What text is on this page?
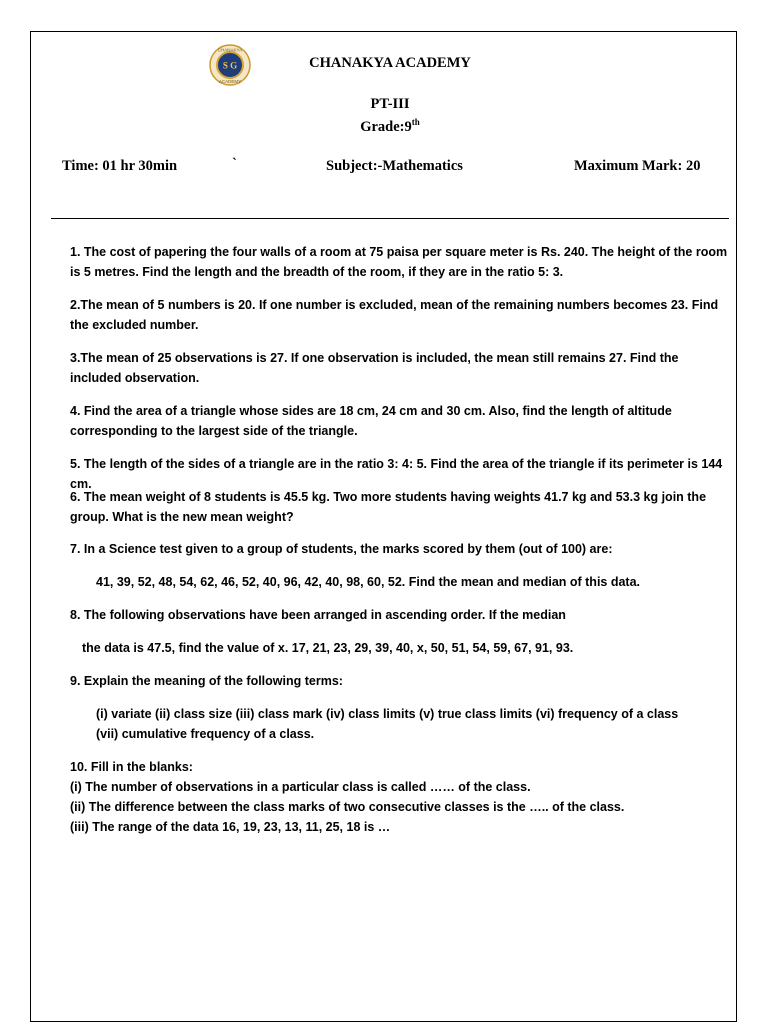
CHANAKYA
S G
ACADEMY
CHANAKYA ACADEMY
PT-III
Grade:9th
Time: 01 hr 30min	`	Subject:-Mathematics	Maximum Mark: 20
1. The cost of papering the four walls of a room at 75 paisa per square meter is Rs. 240. The height of the room is 5 metres. Find the length and the breadth of the room, if they are in the ratio 5: 3.
2.The mean of 5 numbers is 20. If one number is excluded, mean of the remaining numbers becomes 23. Find the excluded number.
3.The mean of 25 observations is 27. If one observation is included, the mean still remains 27. Find the included observation.
4. Find the area of a triangle whose sides are 18 cm, 24 cm and 30 cm. Also, find the length of altitude corresponding to the largest side of the triangle.
5. The length of the sides of a triangle are in the ratio 3: 4: 5. Find the area of the triangle if its perimeter is 144 cm.
6. The mean weight of 8 students is 45.5 kg. Two more students having weights 41.7 kg and 53.3 kg join the group. What is the new mean weight?
7. In a Science test given to a group of students, the marks scored by them (out of 100) are:
41, 39, 52, 48, 54, 62, 46, 52, 40, 96, 42, 40, 98, 60, 52. Find the mean and median of this data.
8. The following observations have been arranged in ascending order. If the median
the data is 47.5, find the value of x. 17, 21, 23, 29, 39, 40, x, 50, 51, 54, 59, 67, 91, 93.
9. Explain the meaning of the following terms:
(i) variate (ii) class size (iii) class mark (iv) class limits (v) true class limits (vi) frequency of a class
(vii) cumulative frequency of a class.
10. Fill in the blanks:
(i) The number of observations in a particular class is called …… of the class.
(ii) The difference between the class marks of two consecutive classes is the ….. of the class.
(iii) The range of the data 16, 19, 23, 13, 11, 25, 18 is …
